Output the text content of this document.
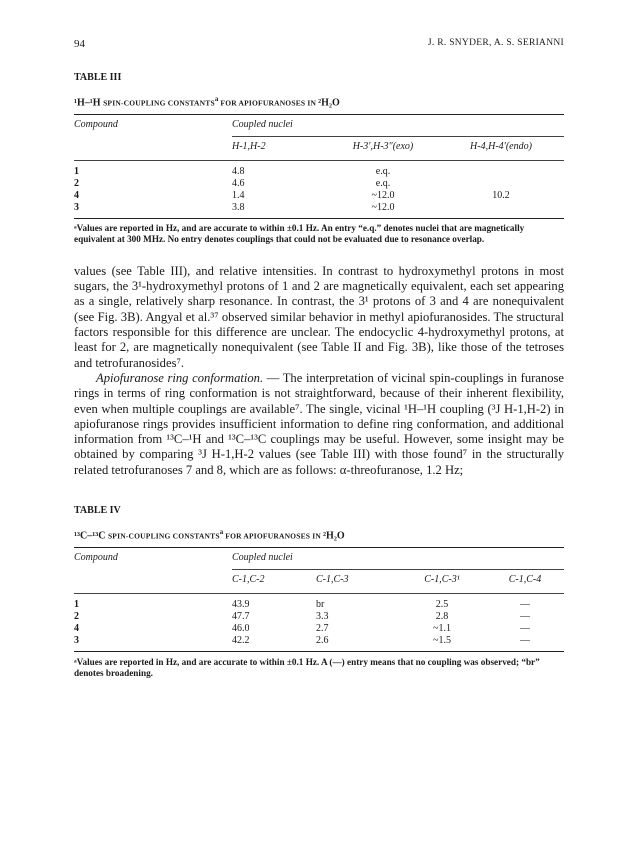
94	J. R. SNYDER, A. S. SERIANNI
TABLE III
¹H–¹H SPIN-COUPLING CONSTANTS$^a$ FOR APIOFURANOSES IN ²H₂O

Compound	Coupled nuclei		

	H-1,H-2	H-3′,H-3″(exo)	H-4,H-4′(endo)

1	4.8	e.q.	
2	4.6	e.q.	
4	1.4	~12.0	10.2
3	3.8	~12.0	

ᵃValues are reported in Hz, and are accurate to within ±0.1 Hz. An entry “e.q.” denotes nuclei that are magnetically equivalent at 300 MHz. No entry denotes couplings that could not be evaluated due to resonance overlap.

values (see Table III), and relative intensities. In contrast to hydroxymethyl protons in most sugars, the 3¹-hydroxymethyl protons of 1 and 2 are magnetically equivalent, each set appearing as a single, relatively sharp resonance. In contrast, the 3¹ protons of 3 and 4 are nonequivalent (see Fig. 3B). Angyal et al.³⁷ observed similar behavior in methyl apiofuranosides. The structural factors responsible for this difference are unclear. The endocyclic 4-hydroxymethyl protons, at least for 2, are magnetically nonequivalent (see Table II and Fig. 3B), like those of the tetroses and tetrofuranosides⁷.

Apiofuranose ring conformation. — The interpretation of vicinal spin-couplings in furanose rings in terms of ring conformation is not straightforward, because of their inherent flexibility, even when multiple couplings are available⁷. The single, vicinal ¹H–¹H coupling (³J H-1,H-2) in apiofuranose rings provides insufficient information to define ring conformation, and additional information from ¹³C–¹H and ¹³C–¹³C couplings may be useful. However, some insight may be obtained by comparing ³J H-1,H-2 values (see Table III) with those found⁷ in the structurally related tetrofuranoses 7 and 8, which are as follows: α-threofuranose, 1.2 Hz;

TABLE IV
¹³C–¹³C SPIN-COUPLING CONSTANTS$^a$ FOR APIOFURANOSES IN ²H₂O

Compound	Coupled nuclei			

	C-1,C-2	C-1,C-3	C-1,C-3¹	C-1,C-4

1	43.9	br	2.5	—
2	47.7	3.3	2.8	—
4	46.0	2.7	~1.1	—
3	42.2	2.6	~1.5	—

ᵃValues are reported in Hz, and are accurate to within ±0.1 Hz. A (—) entry means that no coupling was observed; “br” denotes broadening.
